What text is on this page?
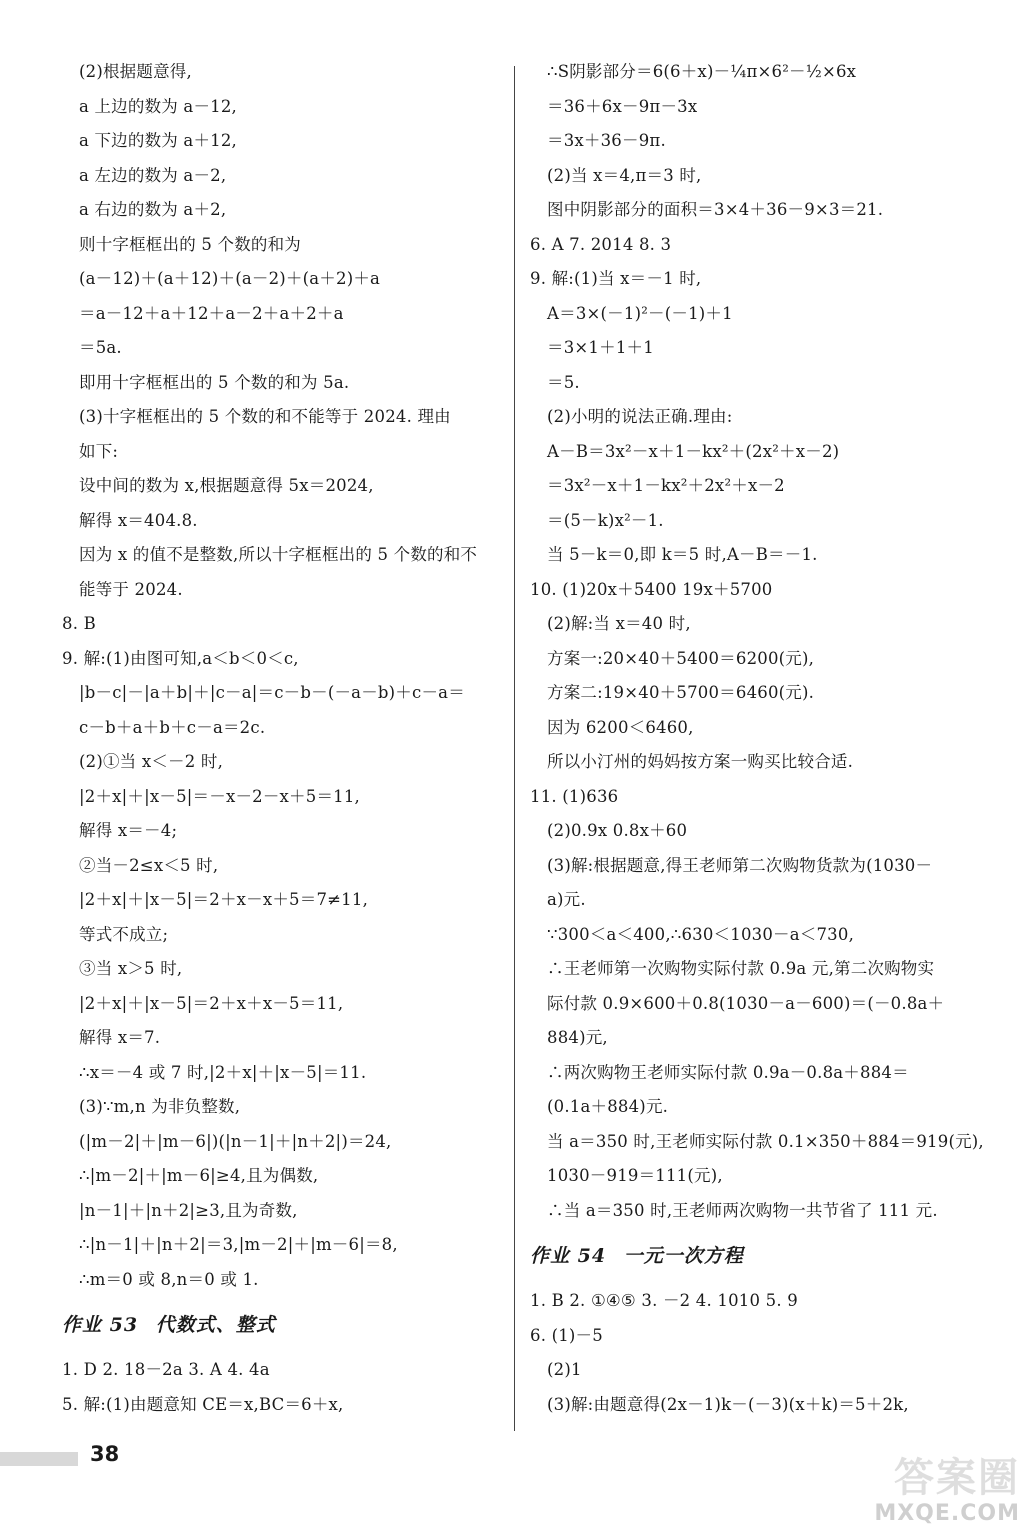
(2)根据题意得,
a 上边的数为 a－12,
a 下边的数为 a＋12,
a 左边的数为 a－2,
a 右边的数为 a＋2,
则十字框框出的 5 个数的和为
(a－12)＋(a＋12)＋(a－2)＋(a＋2)＋a
＝a－12＋a＋12＋a－2＋a＋2＋a
＝5a.
即用十字框框出的 5 个数的和为 5a.
(3)十字框框出的 5 个数的和不能等于 2024. 理由
如下:
设中间的数为 x,根据题意得 5x＝2024,
解得 x＝404.8.
因为 x 的值不是整数,所以十字框框出的 5 个数的和不
能等于 2024.
8. B
9. 解:(1)由图可知,a＜b＜0＜c,
|b－c|－|a＋b|＋|c－a|＝c－b－(－a－b)＋c－a＝
c－b＋a＋b＋c－a＝2c.
(2)①当 x＜－2 时,
|2＋x|＋|x－5|＝－x－2－x＋5＝11,
解得 x＝－4;
②当－2≤x＜5 时,
|2＋x|＋|x－5|＝2＋x－x＋5＝7≠11,
等式不成立;
③当 x＞5 时,
|2＋x|＋|x－5|＝2＋x＋x－5＝11,
解得 x＝7.
∴x＝－4 或 7 时,|2＋x|＋|x－5|＝11.
(3)∵m,n 为非负整数,
(|m－2|＋|m－6|)(|n－1|＋|n＋2|)＝24,
∴|m－2|＋|m－6|≥4,且为偶数,
|n－1|＋|n＋2|≥3,且为奇数,
∴|n－1|＋|n＋2|＝3,|m－2|＋|m－6|＝8,
∴m＝0 或 8,n＝0 或 1.
作业 53 代数式、整式
1. D 2. 18－2a 3. A 4. 4a
5. 解:(1)由题意知 CE＝x,BC＝6＋x,
∴S阴影部分＝6(6＋x)－¼π×6²－½×6x
＝36＋6x－9π－3x
＝3x＋36－9π.
(2)当 x＝4,π＝3 时,
图中阴影部分的面积＝3×4＋36－9×3＝21.
6. A 7. 2014 8. 3
9. 解:(1)当 x＝－1 时,
A＝3×(－1)²－(－1)＋1
＝3×1＋1＋1
＝5.
(2)小明的说法正确.理由:
A－B＝3x²－x＋1－kx²＋(2x²＋x－2)
＝3x²－x＋1－kx²＋2x²＋x－2
＝(5－k)x²－1.
当 5－k＝0,即 k＝5 时,A－B＝－1.
10. (1)20x＋5400 19x＋5700
(2)解:当 x＝40 时,
方案一:20×40＋5400＝6200(元),
方案二:19×40＋5700＝6460(元).
因为 6200＜6460,
所以小汀州的妈妈按方案一购买比较合适.
11. (1)636
(2)0.9x 0.8x＋60
(3)解:根据题意,得王老师第二次购物货款为(1030－
a)元.
∵300＜a＜400,∴630＜1030－a＜730,
∴王老师第一次购物实际付款 0.9a 元,第二次购物实
际付款 0.9×600＋0.8(1030－a－600)＝(－0.8a＋
884)元,
∴两次购物王老师实际付款 0.9a－0.8a＋884＝
(0.1a＋884)元.
当 a＝350 时,王老师实际付款 0.1×350＋884＝919(元),
1030－919＝111(元),
∴当 a＝350 时,王老师两次购物一共节省了 111 元.
作业 54 一元一次方程
1. B 2. ①④⑤ 3. －2 4. 1010 5. 9
6. (1)－5
(2)1
(3)解:由题意得(2x－1)k－(－3)(x＋k)＝5＋2k,
38
答案圈
MXQE.COM
